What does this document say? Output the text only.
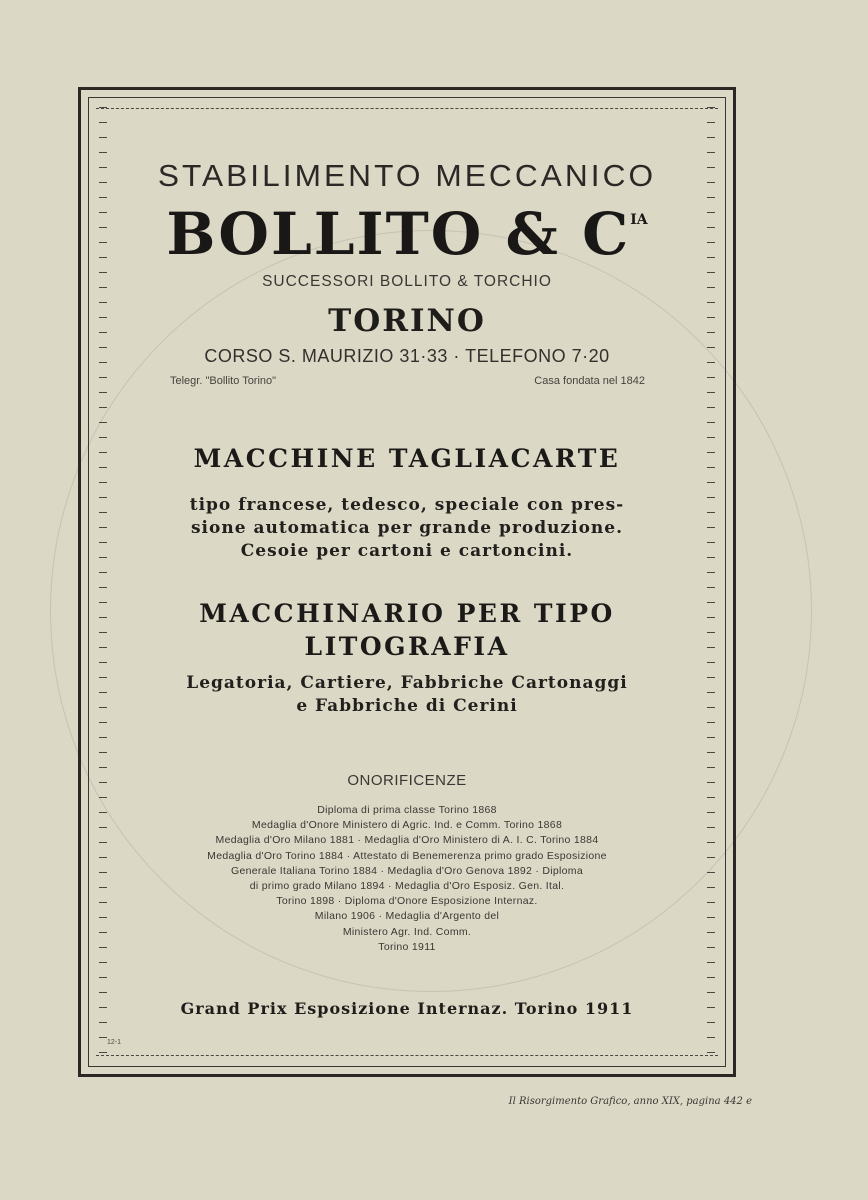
STABILIMENTO MECCANICO
BOLLITO & $C^{IA}$
SUCCESSORI BOLLITO & TORCHIO
TORINO
CORSO S. MAURIZIO 31·33 · TELEFONO 7·20
Telegr. "Bollito Torino"	Casa fondata nel 1842
MACCHINE TAGLIACARTE
tipo francese, tedesco, speciale con pres-
sione automatica per grande produzione.
Cesoie per cartoni e cartoncini.
MACCHINARIO PER TIPO
LITOGRAFIA
Legatoria, Cartiere, Fabbriche Cartonaggi
e Fabbriche di Cerini
ONORIFICENZE
Diploma di prima classe Torino 1868
Medaglia d'Onore Ministero di Agric. Ind. e Comm. Torino 1868
Medaglia d'Oro Milano 1881 · Medaglia d'Oro Ministero di A. I. C. Torino 1884
Medaglia d'Oro Torino 1884 · Attestato di Benemerenza primo grado Esposizione
Generale Italiana Torino 1884 · Medaglia d'Oro Genova 1892 · Diploma
di primo grado Milano 1894 · Medaglia d'Oro Esposiz. Gen. Ital.
Torino 1898 · Diploma d'Onore Esposizione Internaz.
Milano 1906 · Medaglia d'Argento del
Ministero Agr. Ind. Comm.
Torino 1911
Grand Prix Esposizione Internaz. Torino 1911
12-1
Il Risorgimento Grafico, anno XIX, pagina 442 e
